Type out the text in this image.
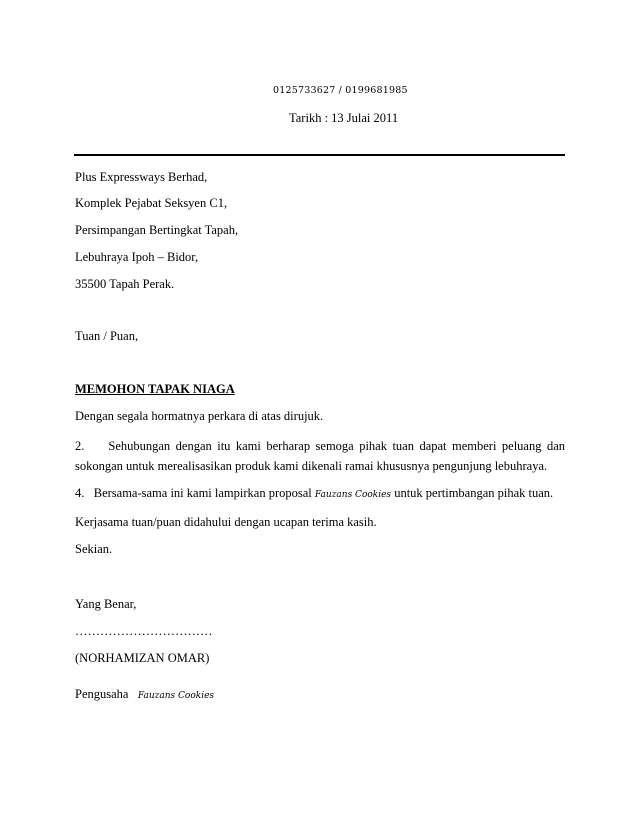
0125733627 / 0199681985
Tarikh : 13 Julai 2011
Plus Expressways Berhad,
Komplek Pejabat Seksyen C1,
Persimpangan Bertingkat Tapah,
Lebuhraya Ipoh – Bidor,
35500 Tapah Perak.
Tuan / Puan,
MEMOHON TAPAK NIAGA
Dengan segala hormatnya perkara di atas dirujuk.
2. Sehubungan dengan itu kami berharap semoga pihak tuan dapat memberi peluang dan sokongan untuk merealisasikan produk kami dikenali ramai khususnya pengunjung lebuhraya.
4. Bersama-sama ini kami lampirkan proposal Fauzans Cookies untuk pertimbangan pihak tuan.
Kerjasama tuan/puan didahului dengan ucapan terima kasih.
Sekian.
Yang Benar,
……………………………
(NORHAMIZAN OMAR)
Pengusaha Fauzans Cookies
